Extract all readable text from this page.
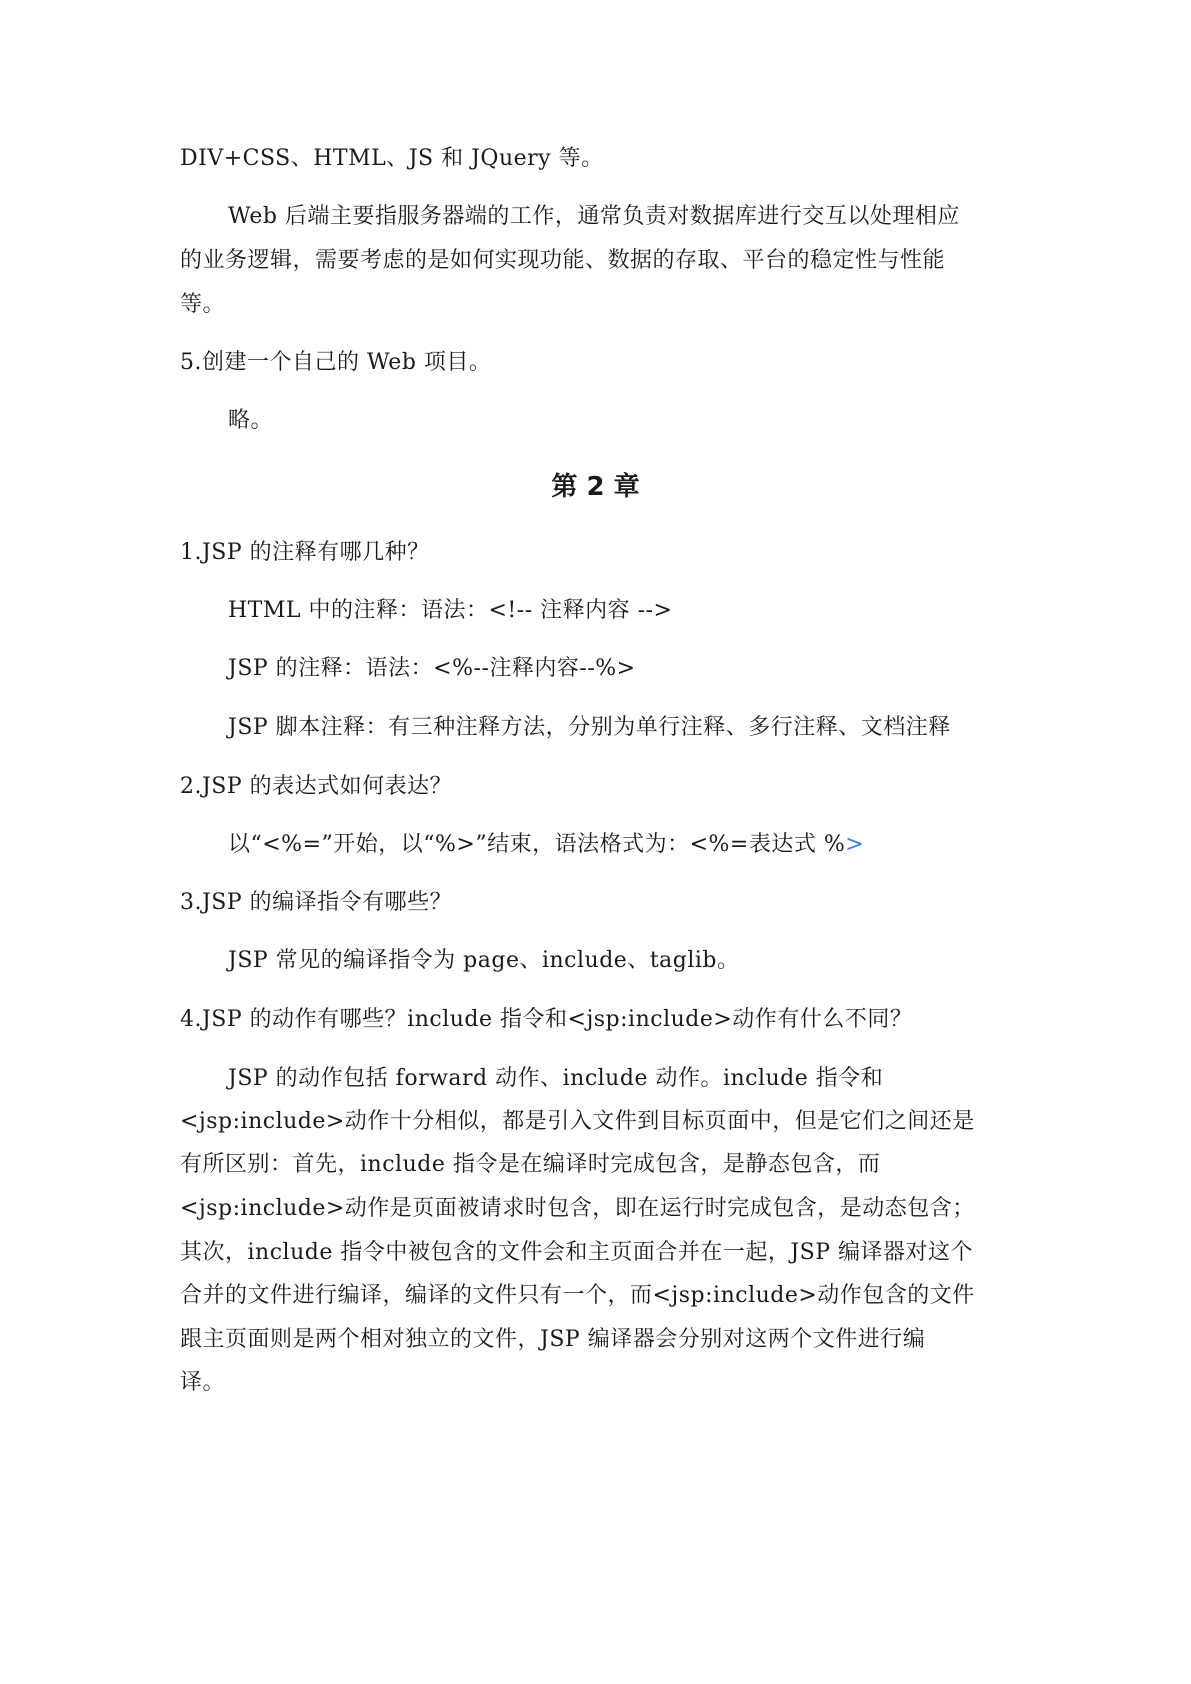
DIV+CSS、HTML、JS 和 JQuery 等。
Web 后端主要指服务器端的工作，通常负责对数据库进行交互以处理相应
的业务逻辑，需要考虑的是如何实现功能、数据的存取、平台的稳定性与性能
等。
5.创建一个自己的 Web 项目。
略。
第 2 章
1.JSP 的注释有哪几种？
HTML 中的注释：语法：<!-- 注释内容 -->
JSP 的注释：语法：<%--注释内容--%>
JSP 脚本注释：有三种注释方法，分别为单行注释、多行注释、文档注释
2.JSP 的表达式如何表达？
以“<%=”开始，以“%>”结束，语法格式为：<%=表达式 %>
3.JSP 的编译指令有哪些？
JSP 常见的编译指令为 page、include、taglib。
4.JSP 的动作有哪些？include 指令和<jsp:include>动作有什么不同？
JSP 的动作包括 forward 动作、include 动作。include 指令和
<jsp:include>动作十分相似，都是引入文件到目标页面中，但是它们之间还是
有所区别：首先，include 指令是在编译时完成包含，是静态包含，而
<jsp:include>动作是页面被请求时包含，即在运行时完成包含，是动态包含；
其次，include 指令中被包含的文件会和主页面合并在一起，JSP 编译器对这个
合并的文件进行编译，编译的文件只有一个，而<jsp:include>动作包含的文件
跟主页面则是两个相对独立的文件，JSP 编译器会分别对这两个文件进行编
译。
